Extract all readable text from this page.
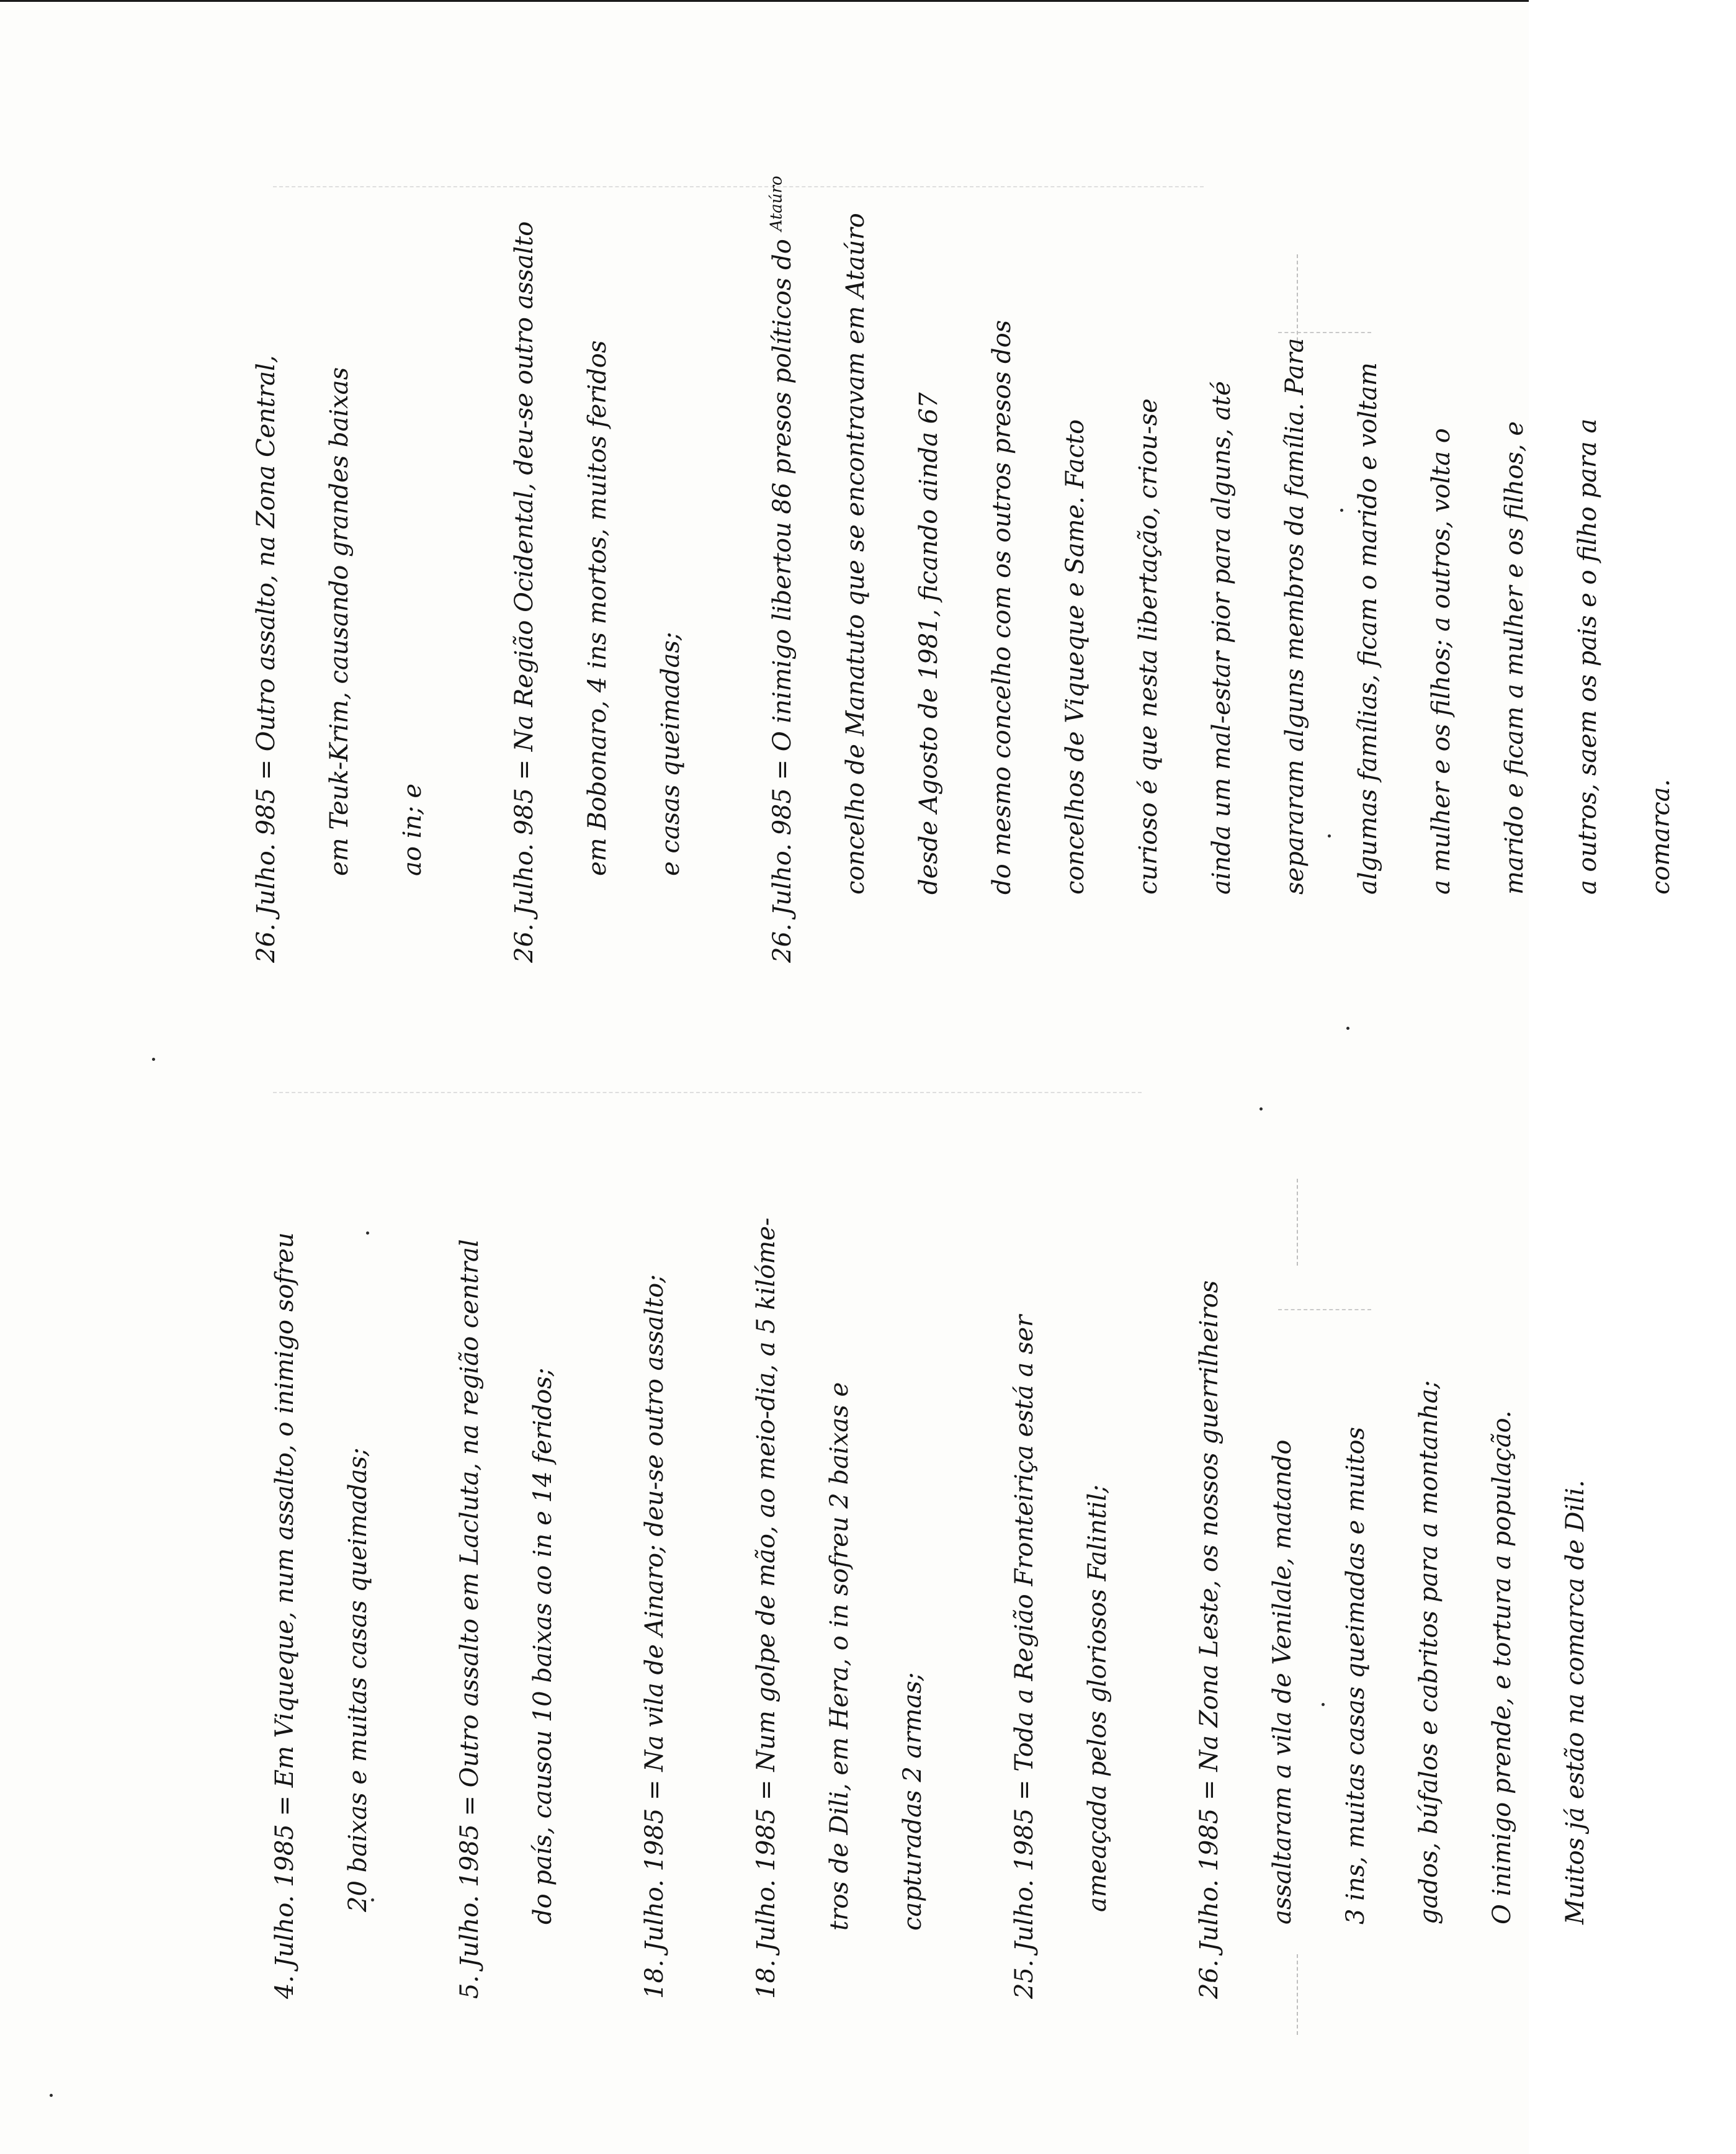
4. Julho. 1985 = Em Viqueque, num assalto, o inimigo sofreu	20 baixas e muitas casas queimadas;	5. Julho. 1985 = Outro assalto em Lacluta, na região central	do país, causou 10 baixas ao in e 14 feridos;	18. Julho. 1985 = Na vila de Ainaro; deu-se outro assalto;	18. Julho. 1985 = Num golpe de mão, ao meio-dia, a 5 kilóme-	tros de Dili, em Hera, o in sofreu 2 baixas e	capturadas 2 armas;	25. Julho. 1985 = Toda a Região Fronteiriça está a ser	ameaçada pelos gloriosos Falintil;	26. Julho. 1985 = Na Zona Leste, os nossos guerrilheiros	assaltaram a vila de Venilale, matando	3 ins, muitas casas queimadas e muitos	gados, búfalos e cabritos para a montanha;	O inimigo prende, e tortura a população.	Muitos já estão na comarca de Dili.
26. Julho. 985 = Outro assalto, na Zona Central,	em Teuk-Krim, causando grandes baixas	ao in; e	26. Julho. 985 = Na Região Ocidental, deu-se outro assalto	em Bobonaro, 4 ins mortos, muitos feridos	e casas queimadas;	26. Julho. 985 = O inimigo libertou 86 presos políticos do $^{Ataúro}$
concelho de Manatuto que se encontravam em Ataúro	desde Agosto de 1981, ficando ainda 67	do mesmo concelho com os outros presos dos	concelhos de Viqueque e Same. Facto	curioso é que nesta libertação, criou-se	ainda um mal-estar pior para alguns, até	separaram alguns membros da família. Para	algumas famílias, ficam o marido e voltam	a mulher e os filhos; a outros, volta o	marido e ficam a mulher e os filhos, e	a outros, saem os pais e o filho para a	comarca.
